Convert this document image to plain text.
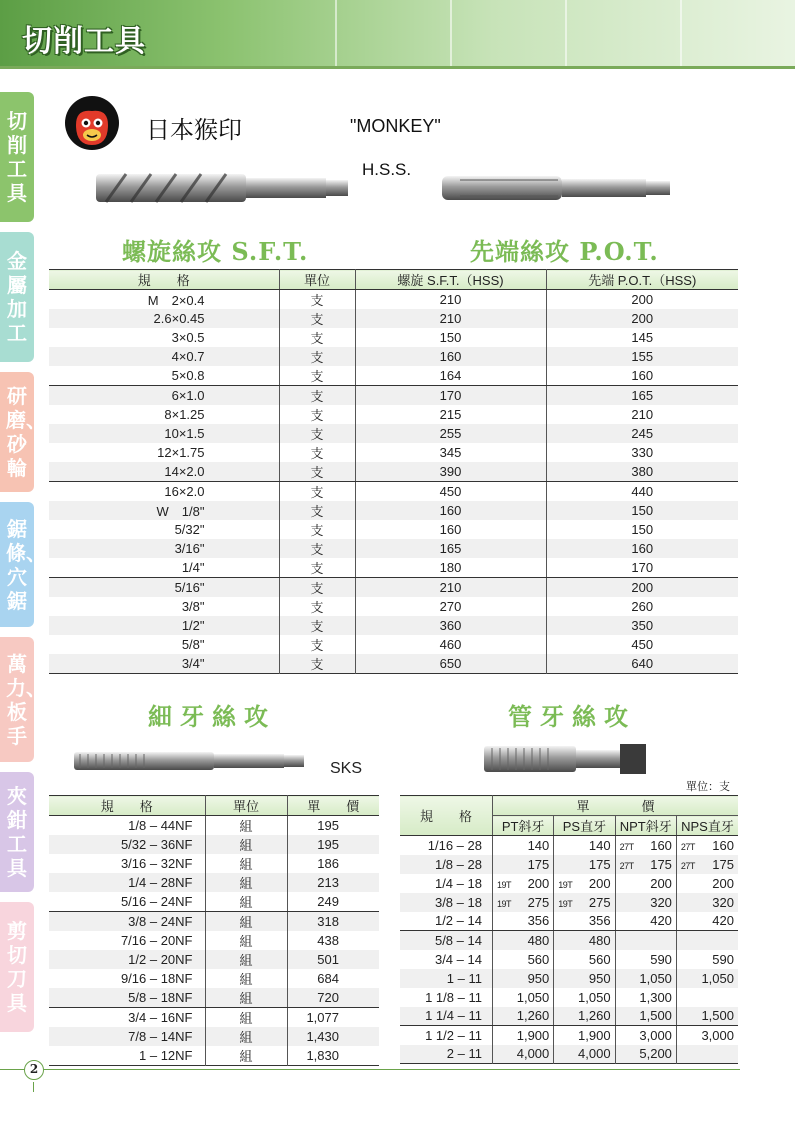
切削工具
切削工具
金屬加工
研磨、砂輪
鋸條、穴鋸
萬力、板手
夾鉗工具
剪切刀具
日本猴印	"MONKEY"
H.S.S.
螺旋絲攻 S.F.T.	先端絲攻 P.O.T.
規　　格	單位	螺旋 S.F.T.（HSS)	先端 P.O.T.（HSS)
M　2×0.4	支	210	200
2.6×0.45	支	210	200
3×0.5	支	150	145
4×0.7	支	160	155
5×0.8	支	164	160
6×1.0	支	170	165
8×1.25	支	215	210
10×1.5	支	255	245
12×1.75	支	345	330
14×2.0	支	390	380
16×2.0	支	450	440
W　1/8"	支	160	150
5/32"	支	160	150
3/16"	支	165	160
1/4"	支	180	170
5/16"	支	210	200
3/8"	支	270	260
1/2"	支	360	350
5/8"	支	460	450
3/4"	支	650	640
細牙絲攻
SKS
管牙絲攻
單位：支
規　　格	單位	單　　價
1/8 – 44NF	組	195
5/32 – 36NF	組	195
3/16 – 32NF	組	186
1/4 – 28NF	組	213
5/16 – 24NF	組	249
3/8 – 24NF	組	318
7/16 – 20NF	組	438
1/2 – 20NF	組	501
9/16 – 18NF	組	684
5/8 – 18NF	組	720
3/4 – 16NF	組	1,077
7/8 – 14NF	組	1,430
1 – 12NF	組	1,830
規　　格	單　　　　價			
	PT斜牙	PS直牙	NPT斜牙	NPS直牙
1/16 – 28	140	140	27T 160	27T 160
1/8 – 28	175	175	27T 175	27T 175
1/4 – 18	19T 200	19T 200	200	200
3/8 – 18	19T 275	19T 275	320	320
1/2 – 14	356	356	420	420
5/8 – 14	480	480	

3/4 – 14	560	560	590	590
1 – 11	950	950	1,050	1,050
1 1/8 – 11	1,050	1,050	1,300	

1 1/4 – 11	1,260	1,260	1,500	1,500
1 1/2 – 11	1,900	1,900	3,000	3,000
2 – 11	4,000	4,000	5,200	
2
